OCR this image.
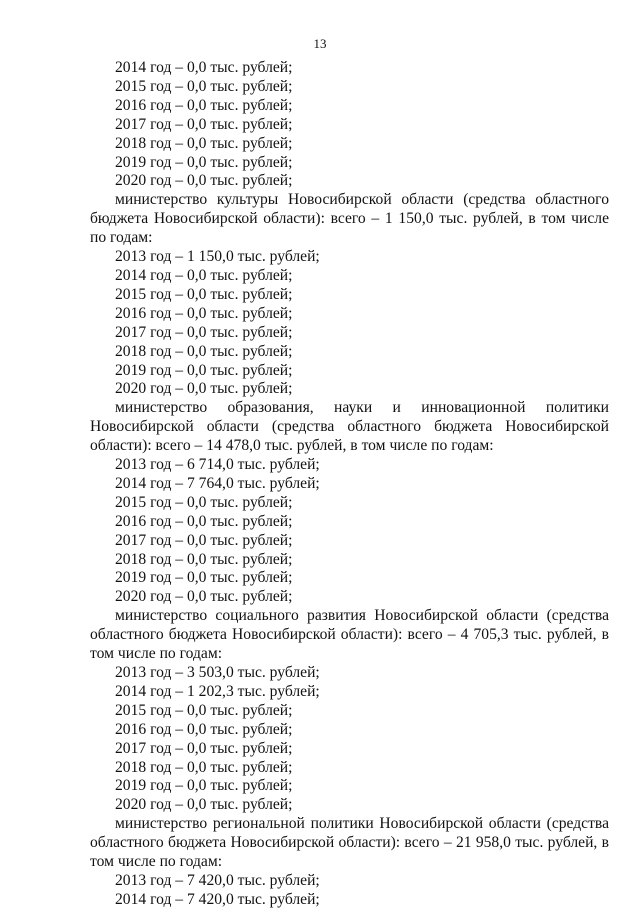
13
2014 год – 0,0 тыс. рублей;
2015 год – 0,0 тыс. рублей;
2016 год – 0,0 тыс. рублей;
2017 год – 0,0 тыс. рублей;
2018 год – 0,0 тыс. рублей;
2019 год – 0,0 тыс. рублей;
2020 год – 0,0 тыс. рублей;
министерство культуры Новосибирской области (средства областного бюджета Новосибирской области): всего – 1 150,0 тыс. рублей, в том числе по годам:
2013 год – 1 150,0 тыс. рублей;
2014 год – 0,0 тыс. рублей;
2015 год – 0,0 тыс. рублей;
2016 год – 0,0 тыс. рублей;
2017 год – 0,0 тыс. рублей;
2018 год – 0,0 тыс. рублей;
2019 год – 0,0 тыс. рублей;
2020 год – 0,0 тыс. рублей;
министерство образования, науки и инновационной политики Новосибирской области (средства областного бюджета Новосибирской области): всего – 14 478,0 тыс. рублей, в том числе по годам:
2013 год – 6 714,0 тыс. рублей;
2014 год – 7 764,0 тыс. рублей;
2015 год – 0,0 тыс. рублей;
2016 год – 0,0 тыс. рублей;
2017 год – 0,0 тыс. рублей;
2018 год – 0,0 тыс. рублей;
2019 год – 0,0 тыс. рублей;
2020 год – 0,0 тыс. рублей;
министерство социального развития Новосибирской области (средства областного бюджета Новосибирской области): всего – 4 705,3 тыс. рублей, в том числе по годам:
2013 год – 3 503,0 тыс. рублей;
2014 год – 1 202,3 тыс. рублей;
2015 год – 0,0 тыс. рублей;
2016 год – 0,0 тыс. рублей;
2017 год – 0,0 тыс. рублей;
2018 год – 0,0 тыс. рублей;
2019 год – 0,0 тыс. рублей;
2020 год – 0,0 тыс. рублей;
министерство региональной политики Новосибирской области (средства областного бюджета Новосибирской области): всего – 21 958,0 тыс. рублей, в том числе по годам:
2013 год – 7 420,0 тыс. рублей;
2014 год – 7 420,0 тыс. рублей;
